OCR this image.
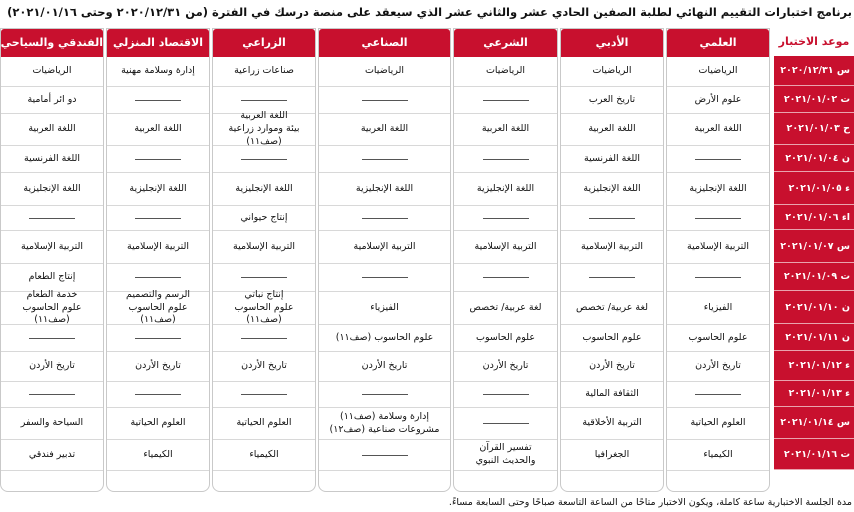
برنامج اختبارات التقييم النهائي لطلبة الصفين الحادي عشر والثاني عشر الذي سيعقد على منصة درسك في الفترة (من ٢٠٢٠/١٢/٣١ وحتى ٢٠٢١/٠١/١٦)
موعد الاختبار
س ٢٠٢٠/١٢/٣١
ت ٢٠٢١/٠١/٠٢
ح ٢٠٢١/٠١/٠٣
ن ٢٠٢١/٠١/٠٤
ء ٢٠٢١/٠١/٠٥
اء ٢٠٢١/٠١/٠٦
س ٢٠٢١/٠١/٠٧
ت ٢٠٢١/٠١/٠٩
ن ٢٠٢١/٠١/١٠
ن ٢٠٢١/٠١/١١
ء ٢٠٢١/٠١/١٢
ء ٢٠٢١/٠١/١٣
س ٢٠٢١/٠١/١٤
ت ٢٠٢١/٠١/١٦
العلمي
الرياضيات
علوم الأرض
اللغة العربية
اللغة الإنجليزية
التربية الإسلامية
الفيزياء
علوم الحاسوب
تاريخ الأردن
العلوم الحياتية
الكيمياء
الأدبي
الرياضيات
تاريخ العرب
اللغة العربية
اللغة الفرنسية
اللغة الإنجليزية
التربية الإسلامية
لغة عربية/ تخصص
علوم الحاسوب
تاريخ الأردن
الثقافة المالية
التربية الأخلاقية
الجغرافيا
الشرعي
الرياضيات
اللغة العربية
اللغة الإنجليزية
التربية الإسلامية
لغة عربية/ تخصص
علوم الحاسوب
تاريخ الأردن
تفسير القرآن
والحديث النبوي
الصناعي
الرياضيات
اللغة العربية
اللغة الإنجليزية
التربية الإسلامية
الفيزياء
علوم الحاسوب (صف١١)
تاريخ الأردن
إدارة وسلامة (صف١١)
مشروعات صناعية (صف١٢)
الزراعي
صناعات زراعية
اللغة العربية
بيئة وموارد زراعية
(صف١١)
اللغة الإنجليزية
إنتاج حيواني
التربية الإسلامية
إنتاج نباتي
علوم الحاسوب
(صف١١)
تاريخ الأردن
العلوم الحياتية
الكيمياء
الاقتصاد المنزلي
إدارة وسلامة مهنية
اللغة العربية
اللغة الإنجليزية
التربية الإسلامية
الرسم والتصميم
علوم الحاسوب
(صف١١)
تاريخ الأردن
العلوم الحياتية
الكيمياء
الفندقي والسياحي
الرياضيات
دو ائر أمامية
اللغة العربية
اللغة الفرنسية
اللغة الإنجليزية
التربية الإسلامية
إنتاج الطعام
خدمة الطعام
علوم الحاسوب
(صف١١)
تاريخ الأردن
السياحة والسفر
تدبير فندقي
مدة الجلسة الاختبارية ساعة كاملة، ويكون الاختبار متاحًا من الساعة التاسعة صباحًا وحتى السابعة مساءً.
